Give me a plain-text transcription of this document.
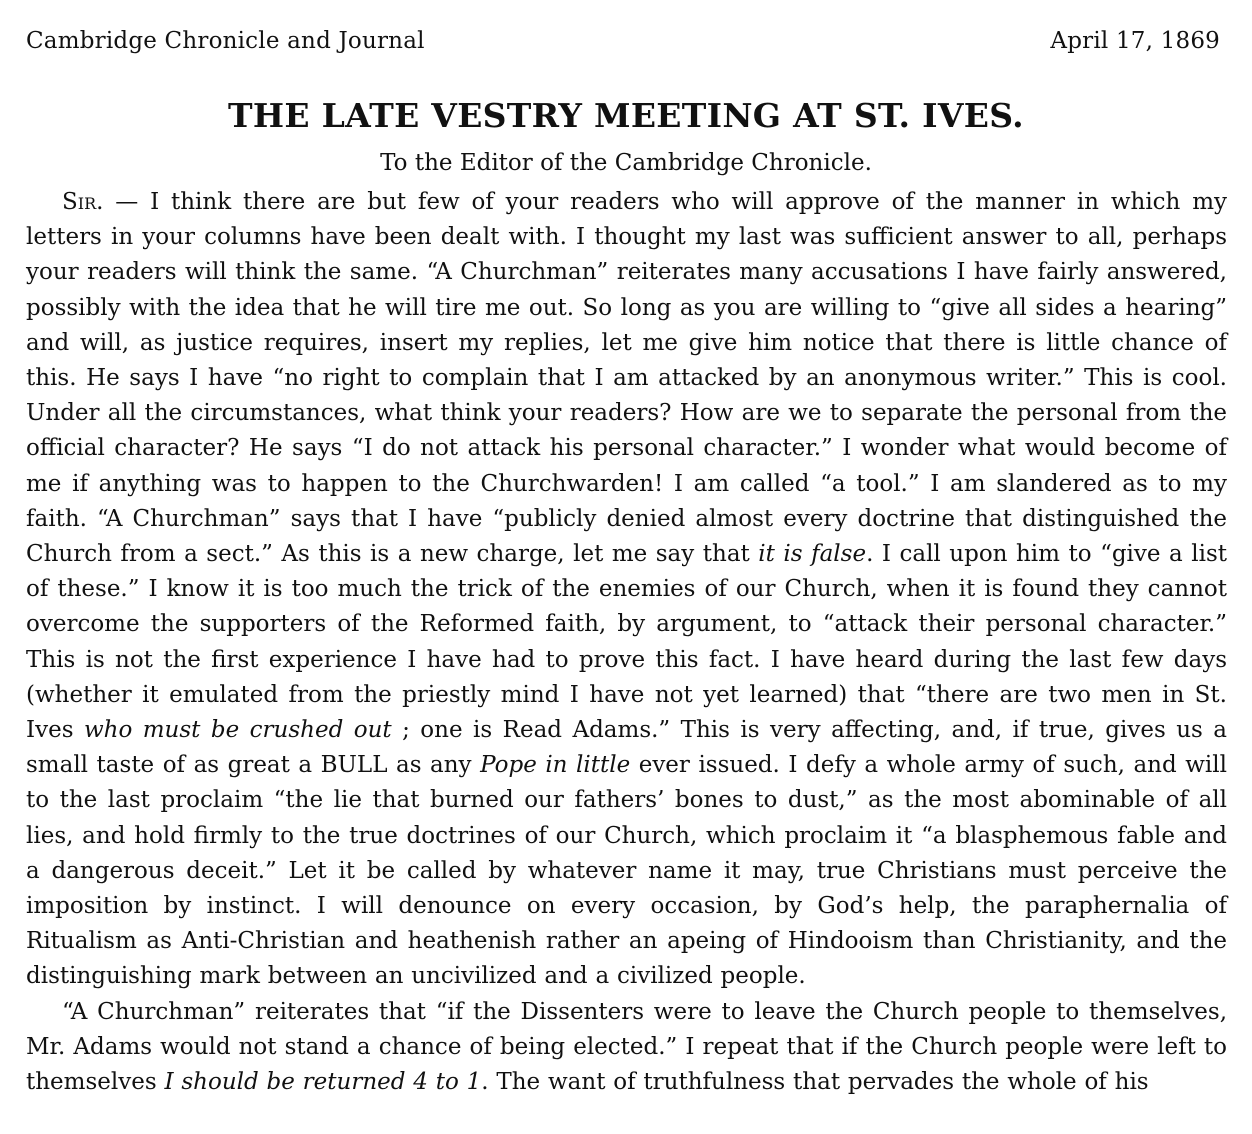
Cambridge Chronicle and Journal	April 17, 1869
THE LATE VESTRY MEETING AT ST. IVES.
To the Editor of the Cambridge Chronicle.

Sir. — I think there are but few of your readers who will approve of the manner in which my letters in your columns have been dealt with. I thought my last was sufficient answer to all, perhaps your readers will think the same. “A Churchman” reiterates many accusations I have fairly answered, possibly with the idea that he will tire me out. So long as you are willing to “give all sides a hearing” and will, as justice requires, insert my replies, let me give him notice that there is little chance of this. He says I have “no right to complain that I am attacked by an anonymous writer.” This is cool. Under all the circumstances, what think your readers? How are we to separate the personal from the official character? He says “I do not attack his personal character.” I wonder what would become of me if anything was to happen to the Churchwarden! I am called “a tool.” I am slandered as to my faith. “A Churchman” says that I have “publicly denied almost every doctrine that distinguished the Church from a sect.” As this is a new charge, let me say that it is false. I call upon him to “give a list of these.” I know it is too much the trick of the enemies of our Church, when it is found they cannot overcome the supporters of the Reformed faith, by argument, to “attack their personal character.” This is not the first experience I have had to prove this fact. I have heard during the last few days (whether it emulated from the priestly mind I have not yet learned) that “there are two men in St. Ives who must be crushed out ; one is Read Adams.” This is very affecting, and, if true, gives us a small taste of as great a BULL as any Pope in little ever issued. I defy a whole army of such, and will to the last proclaim “the lie that burned our fathers’ bones to dust,” as the most abominable of all lies, and hold firmly to the true doctrines of our Church, which proclaim it “a blasphemous fable and a dangerous deceit.” Let it be called by whatever name it may, true Christians must perceive the imposition by instinct. I will denounce on every occasion, by God’s help, the paraphernalia of Ritualism as Anti-Christian and heathenish rather an apeing of Hindooism than Christianity, and the distinguishing mark between an uncivilized and a civilized people.

“A Churchman” reiterates that “if the Dissenters were to leave the Church people to themselves, Mr. Adams would not stand a chance of being elected.” I repeat that if the Church people were left to themselves I should be returned 4 to 1. The want of truthfulness that pervades the whole of his
